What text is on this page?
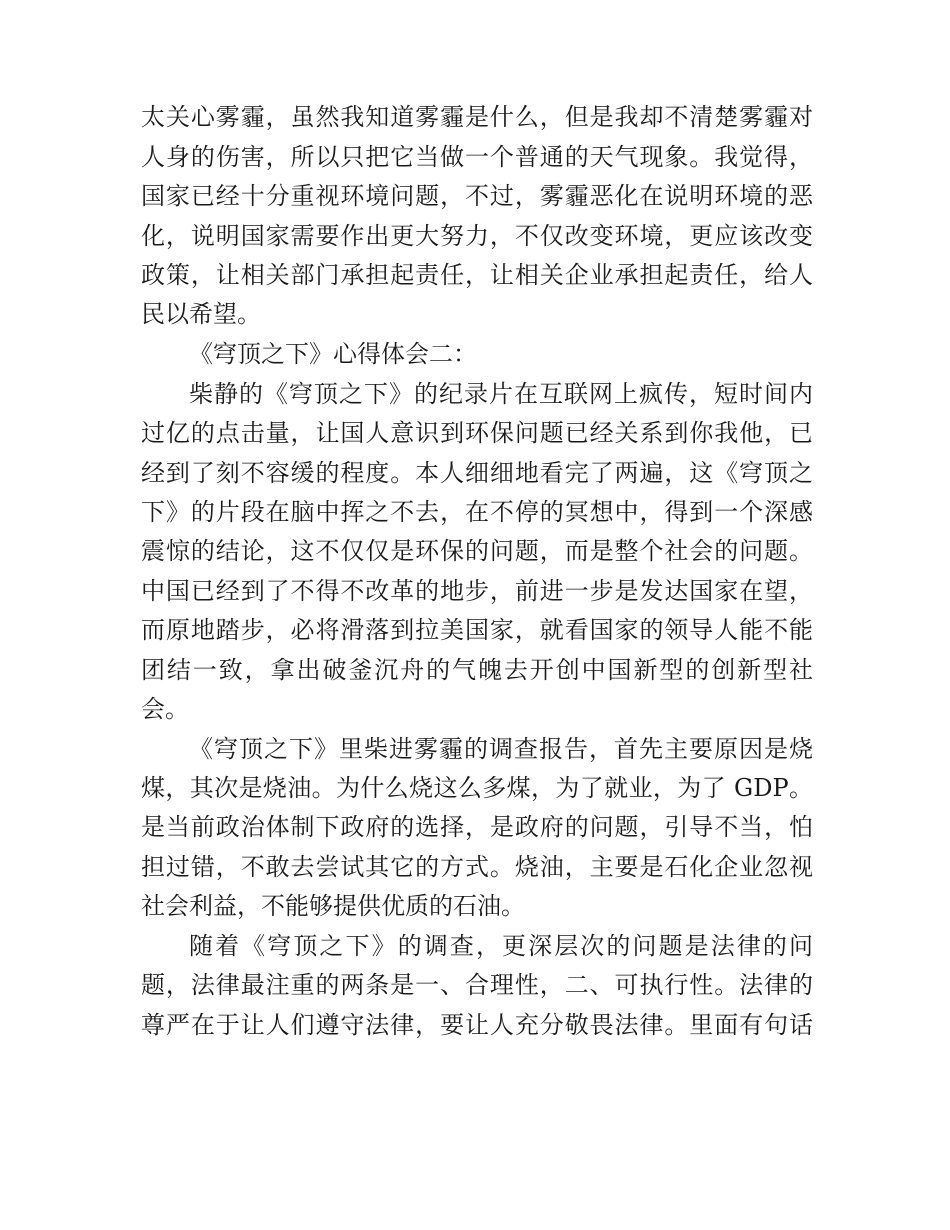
太关心雾霾，虽然我知道雾霾是什么，但是我却不清楚雾霾对
人身的伤害，所以只把它当做一个普通的天气现象。我觉得，
国家已经十分重视环境问题，不过，雾霾恶化在说明环境的恶
化，说明国家需要作出更大努力，不仅改变环境，更应该改变
政策，让相关部门承担起责任，让相关企业承担起责任，给人
民以希望。
《穹顶之下》心得体会二：
柴静的《穹顶之下》的纪录片在互联网上疯传，短时间内
过亿的点击量，让国人意识到环保问题已经关系到你我他，已
经到了刻不容缓的程度。本人细细地看完了两遍，这《穹顶之
下》的片段在脑中挥之不去，在不停的冥想中，得到一个深感
震惊的结论，这不仅仅是环保的问题，而是整个社会的问题。
中国已经到了不得不改革的地步，前进一步是发达国家在望，
而原地踏步，必将滑落到拉美国家，就看国家的领导人能不能
团结一致，拿出破釜沉舟的气魄去开创中国新型的创新型社
会。
《穹顶之下》里柴进雾霾的调查报告，首先主要原因是烧
煤，其次是烧油。为什么烧这么多煤，为了就业，为了 GDP。
是当前政治体制下政府的选择，是政府的问题，引导不当，怕
担过错，不敢去尝试其它的方式。烧油，主要是石化企业忽视
社会利益，不能够提供优质的石油。
随着《穹顶之下》的调查，更深层次的问题是法律的问
题，法律最注重的两条是一、合理性，二、可执行性。法律的
尊严在于让人们遵守法律，要让人充分敬畏法律。里面有句话
